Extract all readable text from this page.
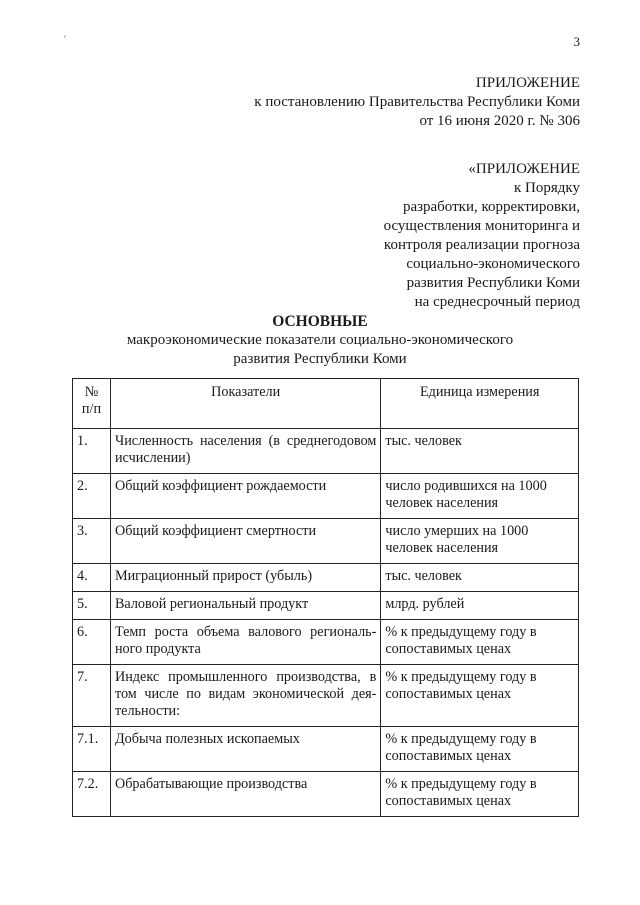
′	3
ПРИЛОЖЕНИЕ
к постановлению Правительства Республики Коми
от 16 июня 2020 г. № 306
«ПРИЛОЖЕНИЕ
к Порядку
разработки, корректировки,
осуществления мониторинга и
контроля реализации прогноза
социально-экономического
развития Республики Коми
на среднесрочный период
ОСНОВНЫЕ
макроэкономические показатели социально-экономического
развития Республики Коми
№
п/п	Показатели	Единица измерения
1.	Численность населения (в среднегодовом исчислении)	тыс. человек
2.	Общий коэффициент рождаемости	число родившихся на 1000 человек населения
3.	Общий коэффициент смертности	число умерших на 1000 человек населения
4.	Миграционный прирост (убыль)	тыс. человек
5.	Валовой региональный продукт	млрд. рублей
6.	Темп роста объема валового региональ-ного продукта	% к предыдущему году в сопоставимых ценах
7.	Индекс промышленного производства, в том числе по видам экономической дея-тельности:	% к предыдущему году в сопоставимых ценах
7.1.	Добыча полезных ископаемых	% к предыдущему году в сопоставимых ценах
7.2.	Обрабатывающие производства	% к предыдущему году в сопоставимых ценах
